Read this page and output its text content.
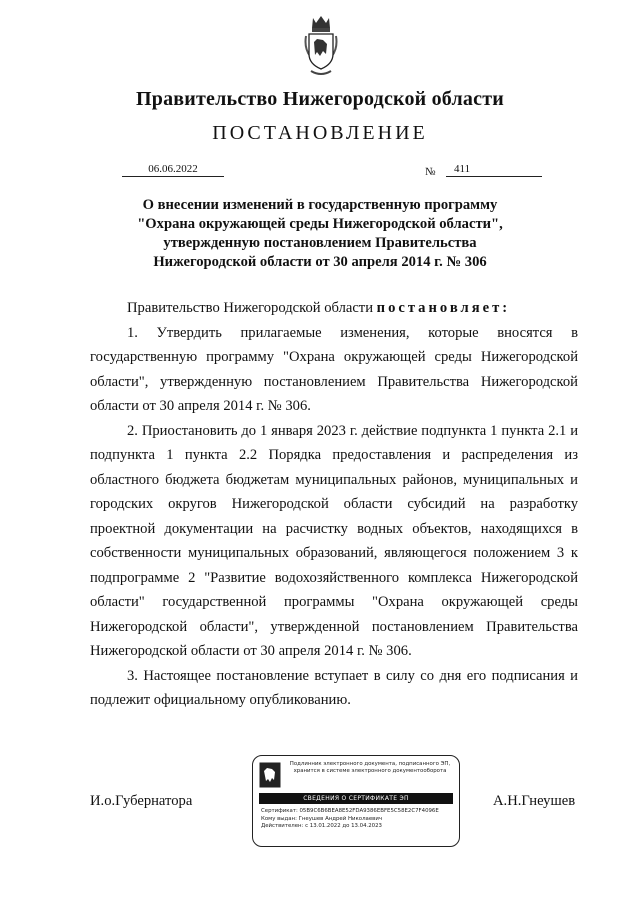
Правительство Нижегородской области
ПОСТАНОВЛЕНИЕ
06.06.2022	№	411
О внесении изменений в государственную программу
"Охрана окружающей среды Нижегородской области",
утвержденную постановлением Правительства
Нижегородской области от 30 апреля 2014 г. № 306

Правительство Нижегородской области постановляет:

1. Утвердить прилагаемые изменения, которые вносятся в государственную программу "Охрана окружающей среды Нижегородской области", утвержденную постановлением Правительства Нижегородской области от 30 апреля 2014 г. № 306.

2. Приостановить до 1 января 2023 г. действие подпункта 1 пункта 2.1 и подпункта 1 пункта 2.2 Порядка предоставления и распределения из областного бюджета бюджетам муниципальных районов, муниципальных и городских округов Нижегородской области субсидий на разработку проектной документации на расчистку водных объектов, находящихся в собственности муниципальных образований, являющегося положением 3 к подпрограмме 2 "Развитие водохозяйственного комплекса Нижегородской области" государственной программы "Охрана окружающей среды Нижегородской области", утвержденной постановлением Правительства Нижегородской области от 30 апреля 2014 г. № 306.

3. Настоящее постановление вступает в силу со дня его подписания и подлежит официальному опубликованию.

И.о.Губернатора	А.Н.Гнеушев
Подлинник электронного документа, подписанного ЭП,
хранится в системе электронного документооборота
СВЕДЕНИЯ О СЕРТИФИКАТЕ ЭП
Сертификат: 05B9C6B6BEA8E52FDA9386EBFE5C58E2C7F4096E
Кому выдан: Гнеушев Андрей Николаевич
Действителен: с 13.01.2022 до 13.04.2023
